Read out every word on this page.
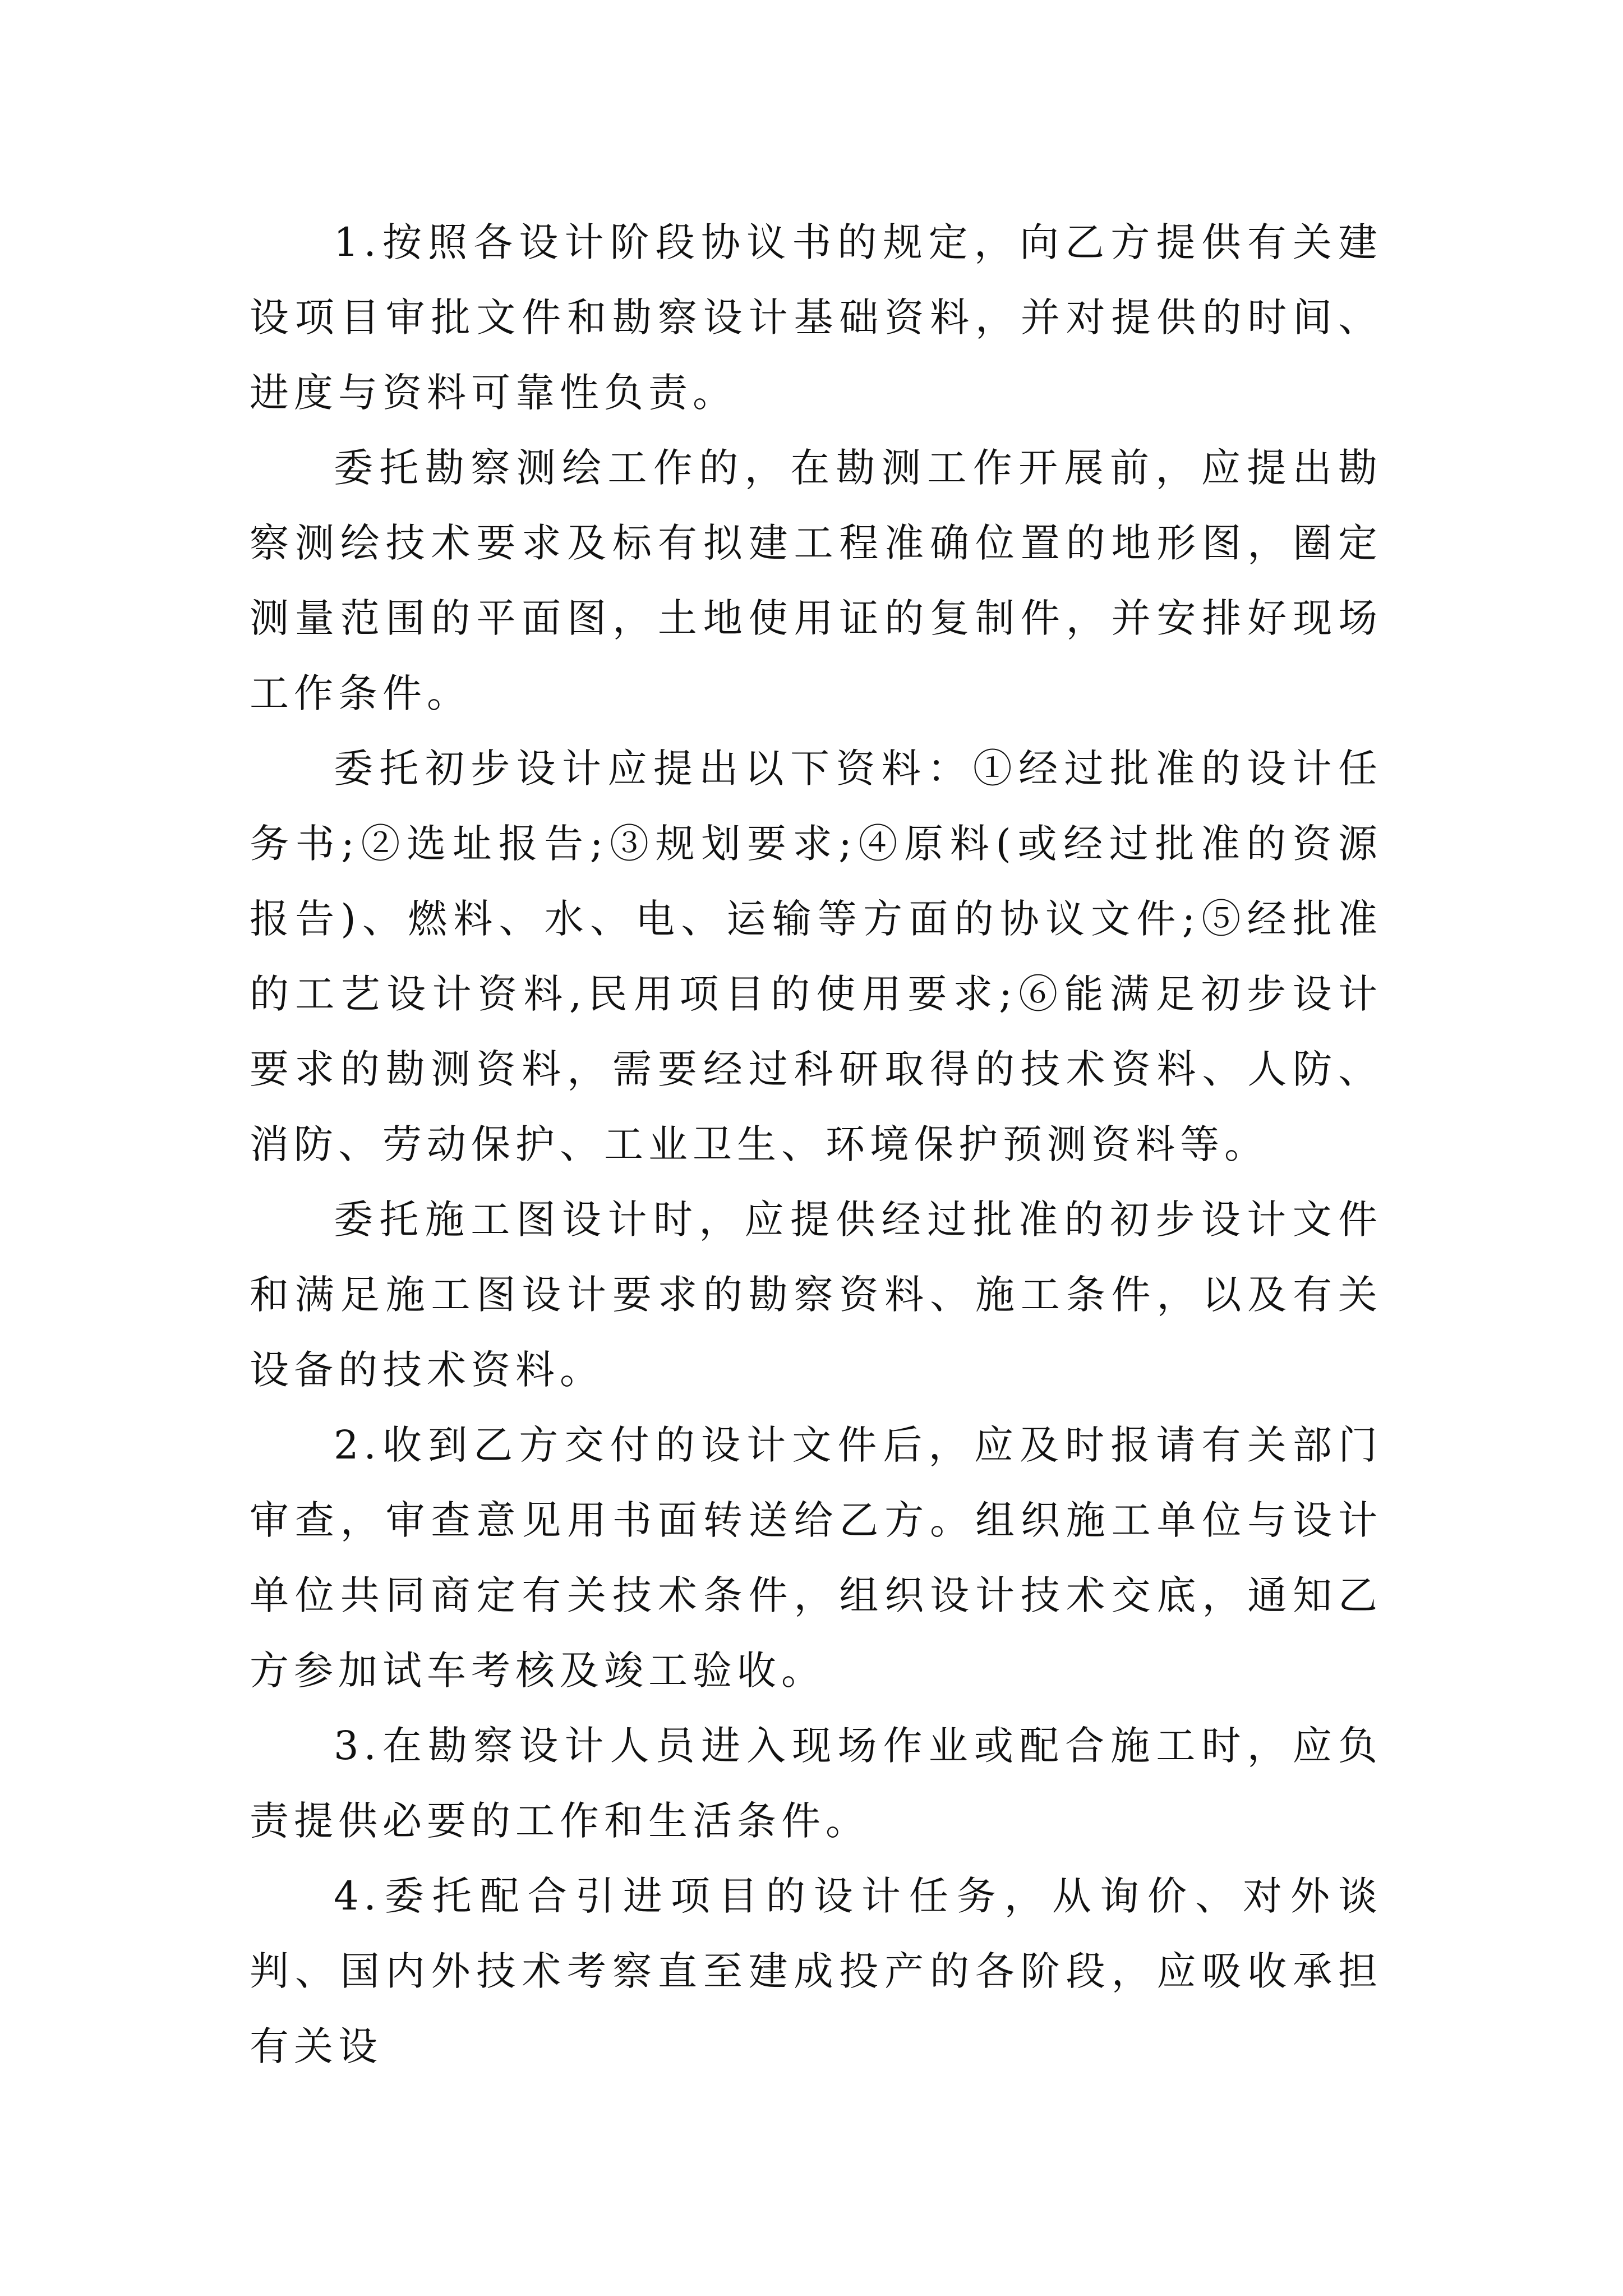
1.按照各设计阶段协议书的规定，向乙方提供有关建设项目审批文件和勘察设计基础资料，并对提供的时间、进度与资料可靠性负责。

委托勘察测绘工作的，在勘测工作开展前，应提出勘察测绘技术要求及标有拟建工程准确位置的地形图，圈定测量范围的平面图，土地使用证的复制件，并安排好现场工作条件。

委托初步设计应提出以下资料：①经过批准的设计任务书;②选址报告;③规划要求;④原料(或经过批准的资源报告)、燃料、水、电、运输等方面的协议文件;⑤经批准的工艺设计资料,民用项目的使用要求;⑥能满足初步设计要求的勘测资料，需要经过科研取得的技术资料、人防、消防、劳动保护、工业卫生、环境保护预测资料等。

委托施工图设计时，应提供经过批准的初步设计文件和满足施工图设计要求的勘察资料、施工条件，以及有关设备的技术资料。

2.收到乙方交付的设计文件后，应及时报请有关部门审查，审查意见用书面转送给乙方。组织施工单位与设计单位共同商定有关技术条件，组织设计技术交底，通知乙方参加试车考核及竣工验收。

3.在勘察设计人员进入现场作业或配合施工时，应负责提供必要的工作和生活条件。

4.委托配合引进项目的设计任务，从询价、对外谈判、国内外技术考察直至建成投产的各阶段，应吸收承担有关设
